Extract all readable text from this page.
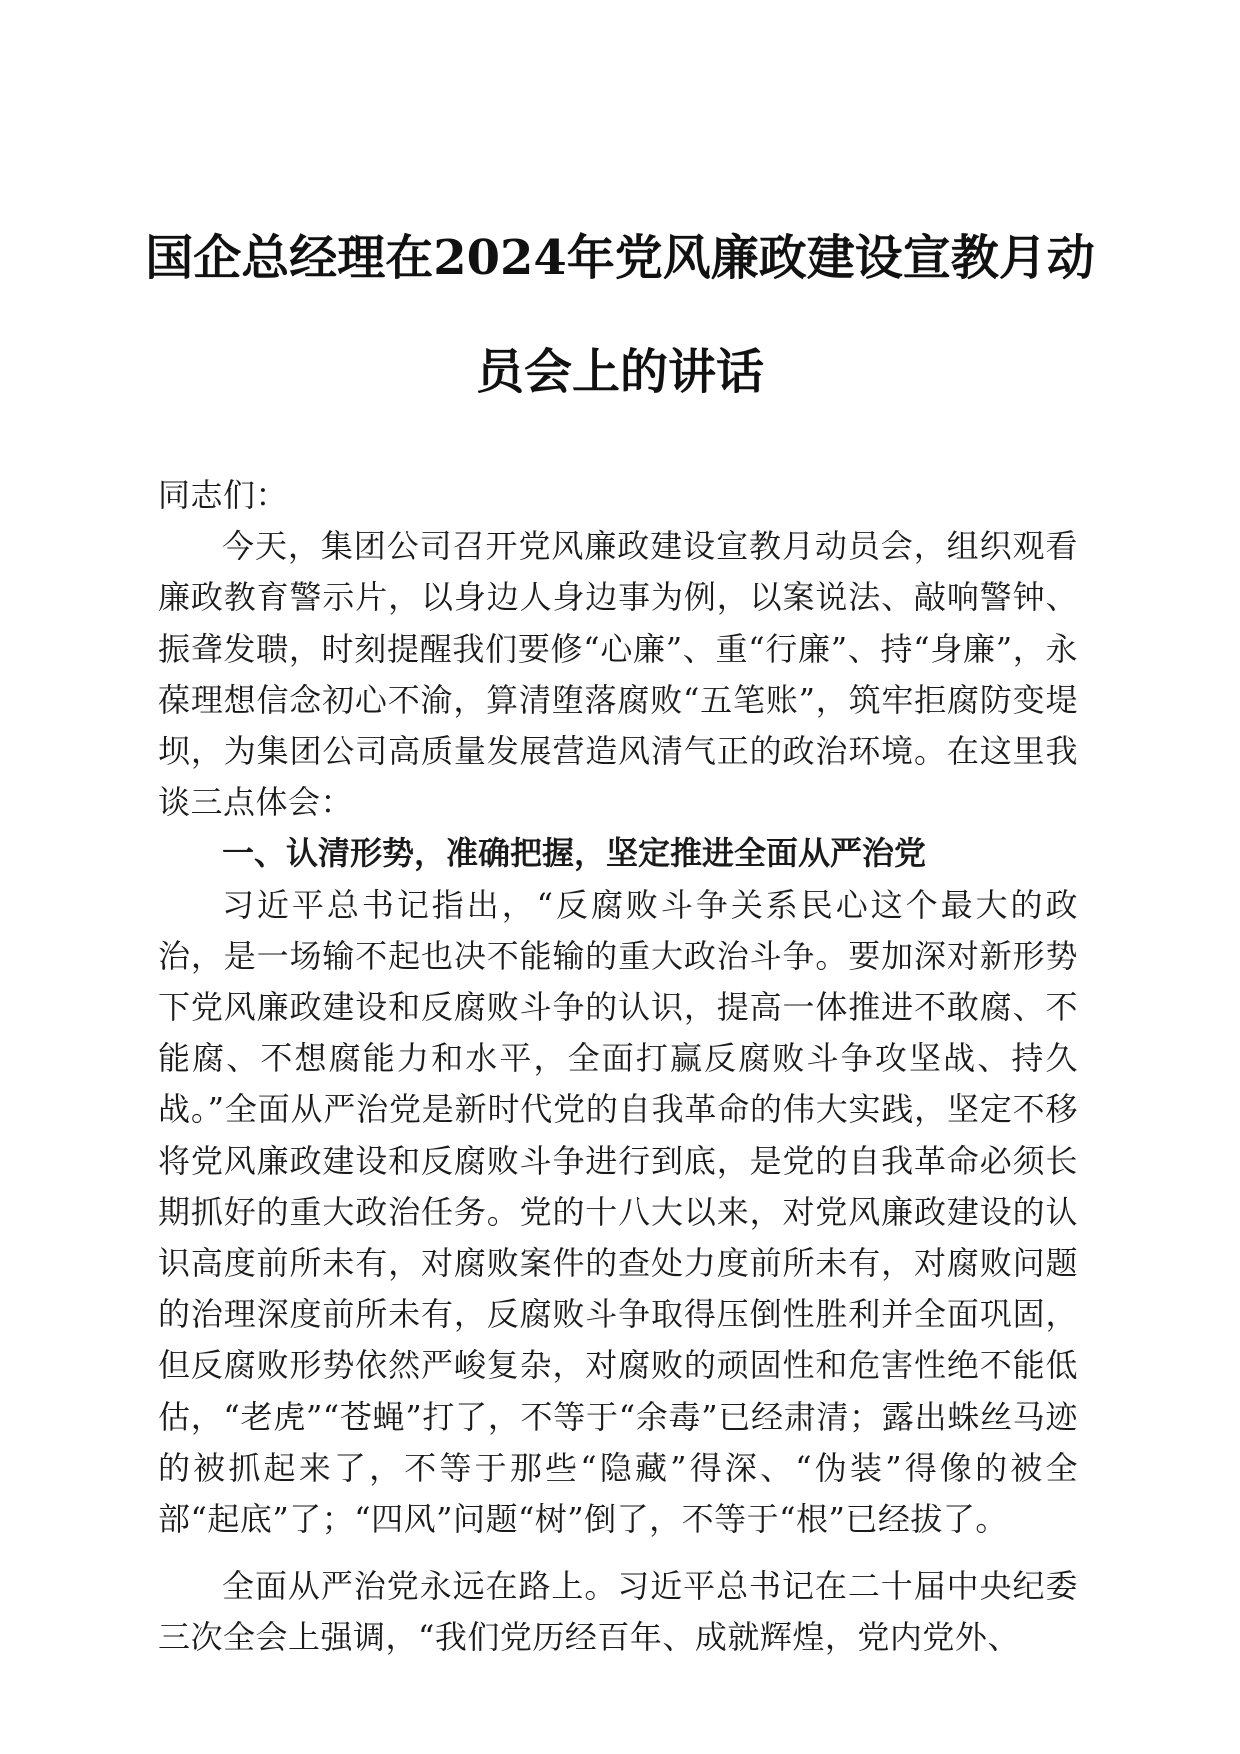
国企总经理在2024年党风廉政建设宣教月动
员会上的讲话

同志们：

今天，集团公司召开党风廉政建设宣教月动员会，组织观看廉政教育警示片，以身边人身边事为例，以案说法、敲响警钟、振聋发聩，时刻提醒我们要修“心廉”、重“行廉”、持“身廉”，永葆理想信念初心不渝，算清堕落腐败“五笔账”，筑牢拒腐防变堤坝，为集团公司高质量发展营造风清气正的政治环境。在这里我谈三点体会：

一、认清形势，准确把握，坚定推进全面从严治党

习近平总书记指出，“反腐败斗争关系民心这个最大的政治，是一场输不起也决不能输的重大政治斗争。要加深对新形势下党风廉政建设和反腐败斗争的认识，提高一体推进不敢腐、不能腐、不想腐能力和水平，全面打赢反腐败斗争攻坚战、持久战。”全面从严治党是新时代党的自我革命的伟大实践，坚定不移将党风廉政建设和反腐败斗争进行到底，是党的自我革命必须长期抓好的重大政治任务。党的十八大以来，对党风廉政建设的认识高度前所未有，对腐败案件的查处力度前所未有，对腐败问题的治理深度前所未有，反腐败斗争取得压倒性胜利并全面巩固，但反腐败形势依然严峻复杂，对腐败的顽固性和危害性绝不能低估，“老虎”“苍蝇”打了，不等于“余毒”已经肃清；露出蛛丝马迹的被抓起来了，不等于那些“隐藏”得深、“伪装”得像的被全部“起底”了；“四风”问题“树”倒了，不等于“根”已经拔了。

全面从严治党永远在路上。习近平总书记在二十届中央纪委三次全会上强调，“我们党历经百年、成就辉煌，党内党外、
